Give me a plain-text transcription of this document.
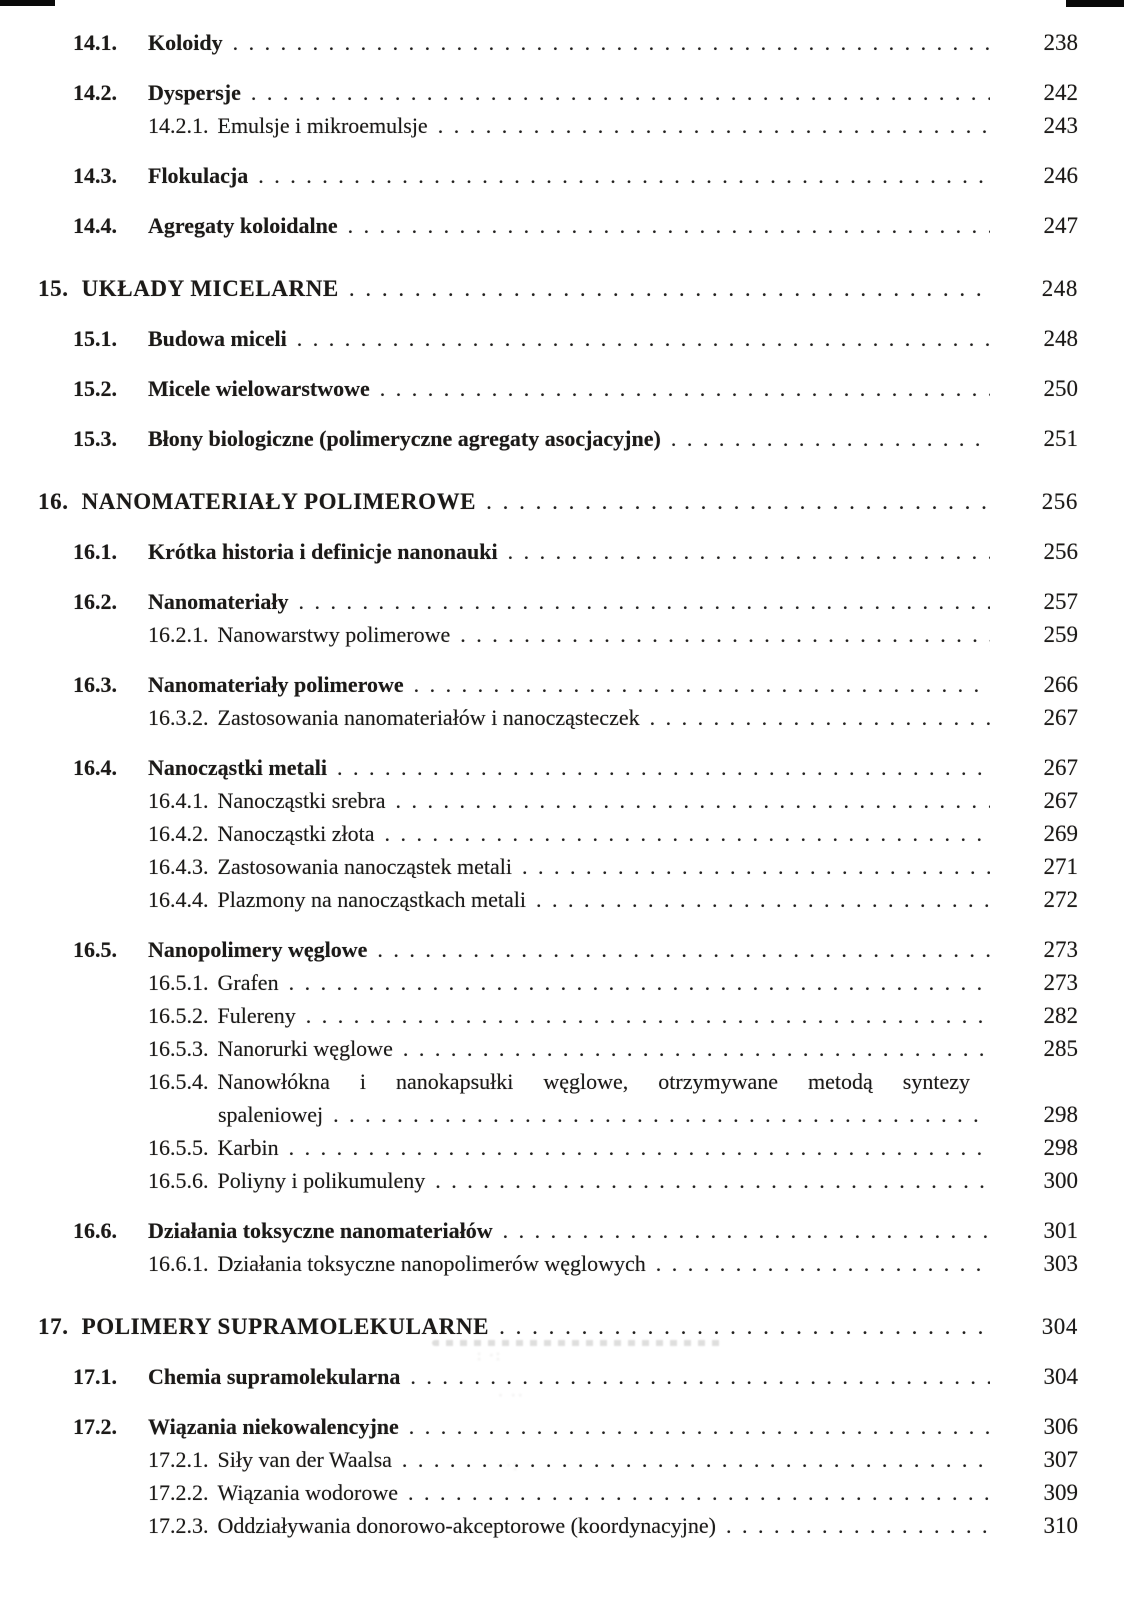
: ·:
· ··
·:
14.1.	Koloidy . . .	238
14.2.	Dyspersje . . .	242
14.2.1. Emulsje i mikroemulsje . . .	243
14.3.	Flokulacja . . .	246
14.4.	Agregaty koloidalne . . .	247
15. UKŁADY MICELARNE . . .	248
15.1.	Budowa miceli . . .	248
15.2.	Micele wielowarstwowe . . .	250
15.3.	Błony biologiczne (polimeryczne agregaty asocjacyjne) . . .	251
16. NANOMATERIAŁY POLIMEROWE . . .	256
16.1.	Krótka historia i definicje nanonauki . . .	256
16.2.	Nanomateriały . . .	257
16.2.1. Nanowarstwy polimerowe . . .	259
16.3.	Nanomateriały polimerowe . . .	266
16.3.2. Zastosowania nanomateriałów i nanocząsteczek . . .	267
16.4.	Nanocząstki metali . . .	267
16.4.1. Nanocząstki srebra . . .	267
16.4.2. Nanocząstki złota . . .	269
16.4.3. Zastosowania nanocząstek metali . . .	271
16.4.4. Plazmony na nanocząstkach metali . . .	272
16.5.	Nanopolimery węglowe . . .	273
16.5.1. Grafen . . .	273
16.5.2. Fulereny . . .	282
16.5.3. Nanorurki węglowe . . .	285
16.5.4. Nanowłókna i nanokapsułki węglowe, otrzymywane metodą syntezy
spaleniowej . . .	298
16.5.5. Karbin . . .	298
16.5.6. Poliyny i polikumuleny . . .	300
16.6.	Działania toksyczne nanomateriałów . . .	301
16.6.1. Działania toksyczne nanopolimerów węglowych . . .	303
17. POLIMERY SUPRAMOLEKULARNE . . .	304
17.1.	Chemia supramolekularna . . .	304
17.2.	Wiązania niekowalencyjne . . .	306
17.2.1. Siły van der Waalsa . . .	307
17.2.2. Wiązania wodorowe . . .	309
17.2.3. Oddziaływania donorowo-akceptorowe (koordynacyjne) . . .	310
